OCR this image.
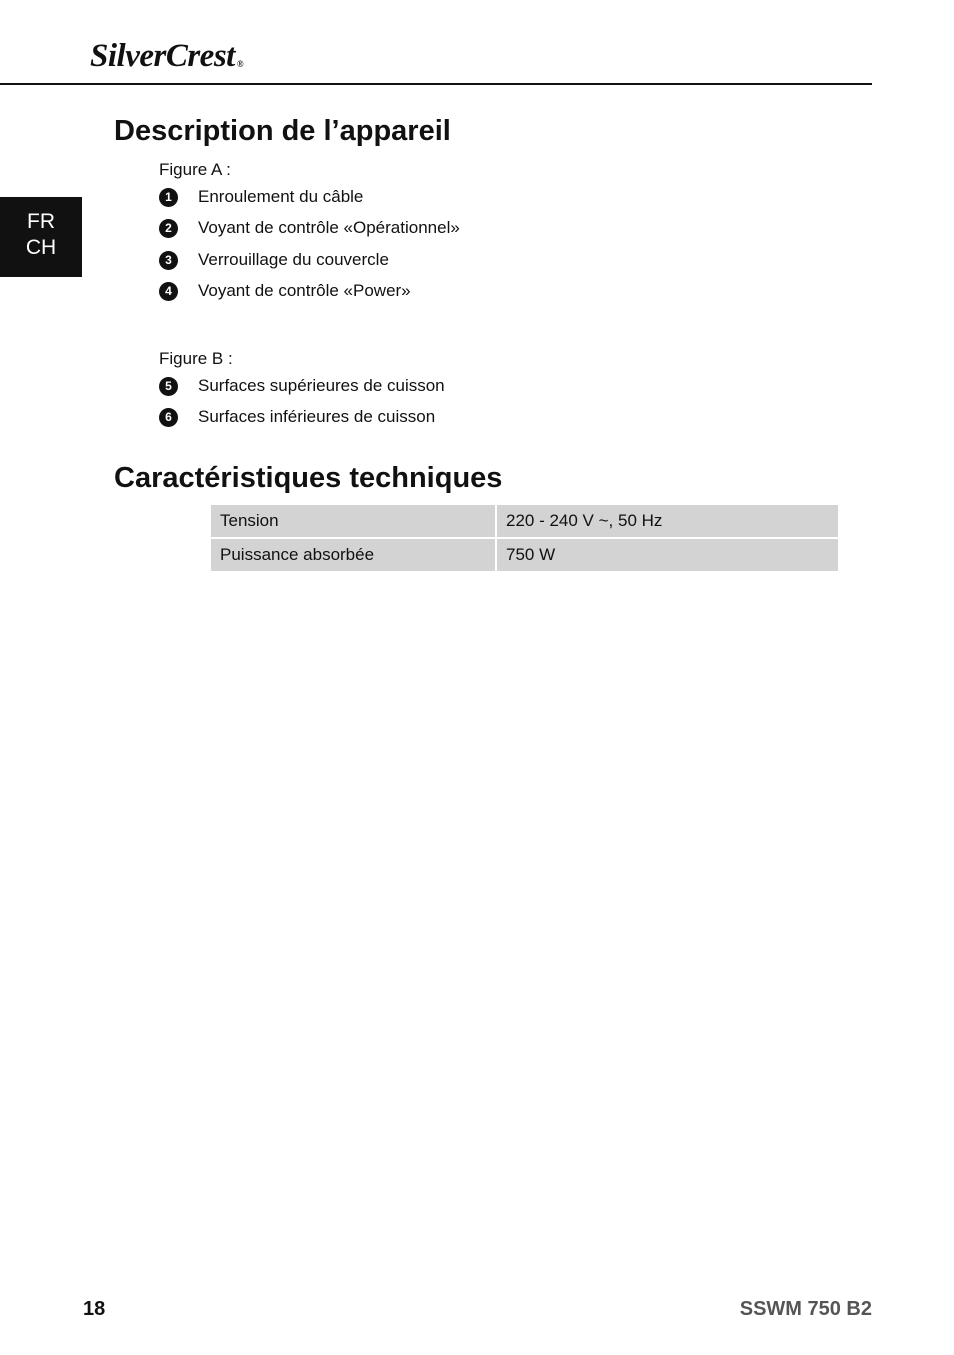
SilverCrest ®
FR
CH
Description de l’appareil
Figure A :
1	Enroulement du câble
2	Voyant de contrôle «Opérationnel»
3	Verrouillage du couvercle
4	Voyant de contrôle «Power»
Figure B :
5	Surfaces supérieures de cuisson
6	Surfaces inférieures de cuisson
Caractéristiques techniques
Tension	220 - 240 V ~, 50 Hz
Puissance absorbée	750 W
18	SSWM 750 B2
